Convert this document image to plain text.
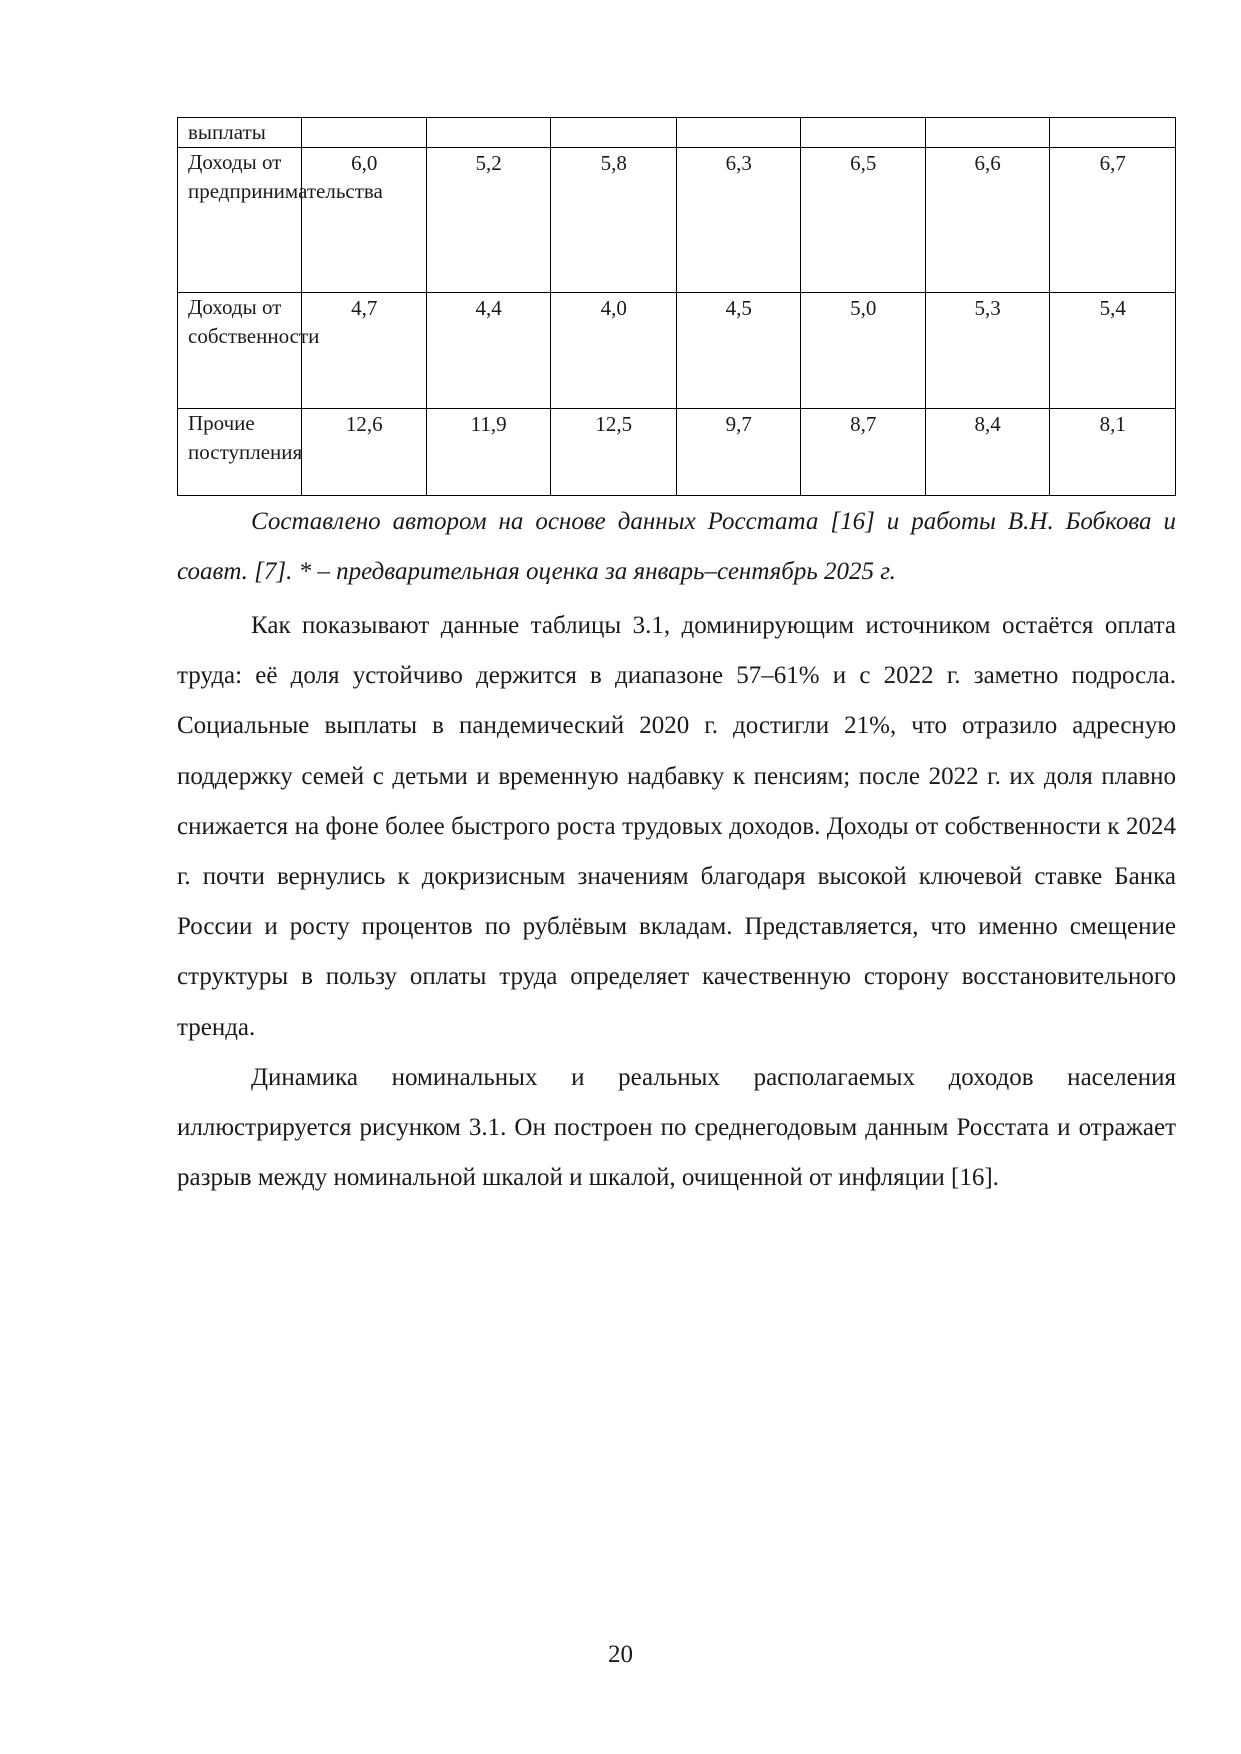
выплаты							
Доходы от предпринимательства	6,0	5,2	5,8	6,3	6,5	6,6	6,7
Доходы от собственности	4,7	4,4	4,0	4,5	5,0	5,3	5,4
Прочие поступления	12,6	11,9	12,5	9,7	8,7	8,4	8,1

Составлено автором на основе данных Росстата [16] и работы В.Н. Бобкова и соавт. [7]. * – предварительная оценка за январь–сентябрь 2025 г.

Как показывают данные таблицы 3.1, доминирующим источником остаётся оплата труда: её доля устойчиво держится в диапазоне 57–61% и с 2022 г. заметно подросла. Социальные выплаты в пандемический 2020 г. достигли 21%, что отразило адресную поддержку семей с детьми и временную надбавку к пенсиям; после 2022 г. их доля плавно снижается на фоне более быстрого роста трудовых доходов. Доходы от собственности к 2024 г. почти вернулись к докризисным значениям благодаря высокой ключевой ставке Банка России и росту процентов по рублёвым вкладам. Представляется, что именно смещение структуры в пользу оплаты труда определяет качественную сторону восстановительного тренда.

Динамика номинальных и реальных располагаемых доходов населения иллюстрируется рисунком 3.1. Он построен по среднегодовым данным Росстата и отражает разрыв между номинальной шкалой и шкалой, очищенной от инфляции [16].

20
